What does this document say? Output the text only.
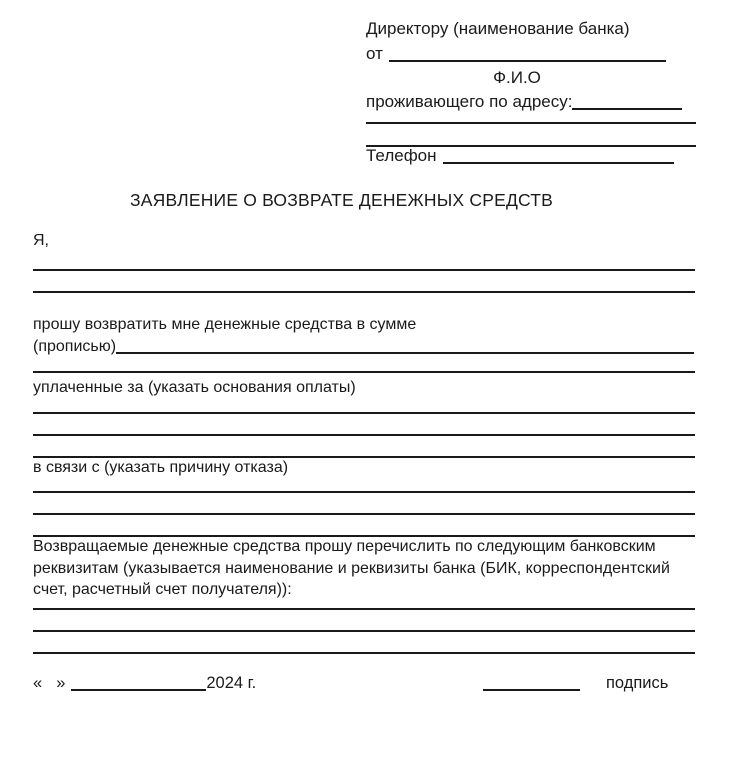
Директору (наименование банка)
от
Ф.И.О
проживающего по адресу:
Телефон
ЗАЯВЛЕНИЕ О ВОЗВРАТЕ ДЕНЕЖНЫХ СРЕДСТВ
Я,
прошу возвратить мне денежные средства в сумме
(прописью)
уплаченные за (указать основания оплаты)
в связи с (указать причину отказа)
Возвращаемые денежные средства прошу перечислить по следующим банковским реквизитам (указывается наименование и реквизиты банка (БИК, корреспондентский счет, расчетный счет получателя)):
« »	2024 г.	подпись
